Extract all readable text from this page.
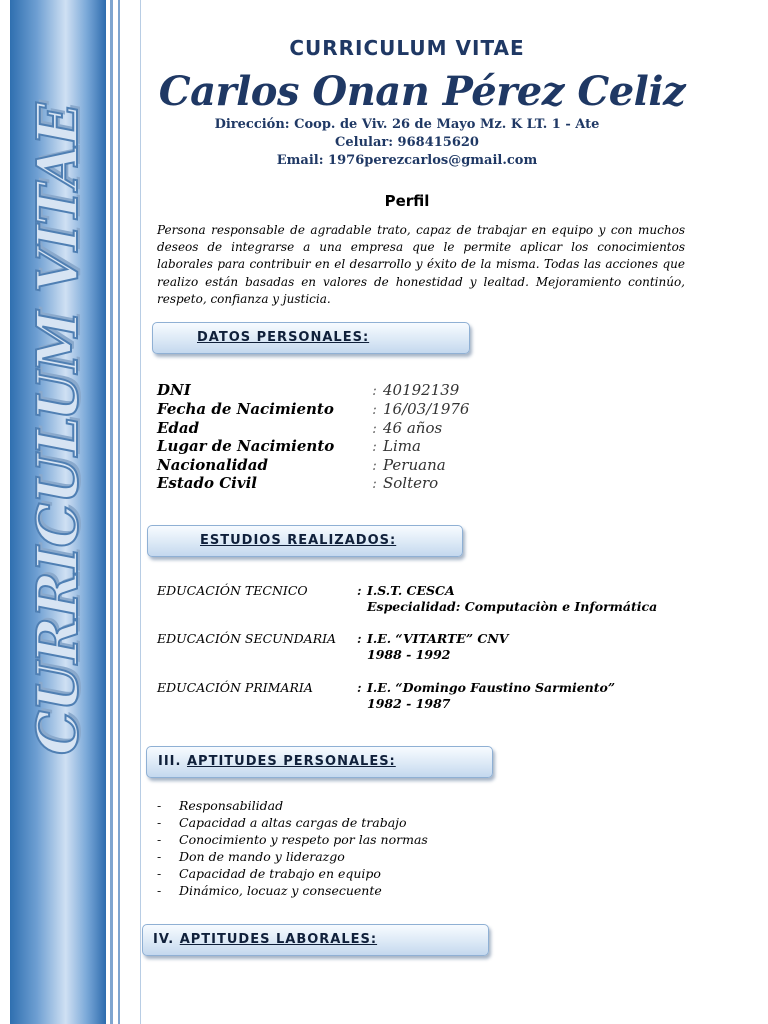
CURRICULUM VITAE
CURRICULUM VITAE
Carlos Onan Pérez Celiz
Dirección: Coop. de Viv. 26 de Mayo Mz. K LT. 1 - Ate
Celular: 968415620
Email: 1976perezcarlos@gmail.com
Perfil
Persona responsable de agradable trato, capaz de trabajar en equipo y con muchos deseos de integrarse a una empresa que le permite aplicar los conocimientos laborales para contribuir en el desarrollo y éxito de la misma. Todas las acciones que realizo están basadas en valores de honestidad y lealtad. Mejoramiento continúo, respeto, confianza y justicia.
DATOS PERSONALES:
DNI	: 40192139
Fecha de Nacimiento	: 16/03/1976
Edad	: 46 años
Lugar de Nacimiento	: Lima
Nacionalidad	: Peruana
Estado Civil	: Soltero
ESTUDIOS REALIZADOS:
EDUCACIÓN TECNICO	: I.S.T. CESCA
Especialidad: Computaciòn e Informática
EDUCACIÓN SECUNDARIA : I.E. “VITARTE” CNV
1988 - 1992
EDUCACIÓN PRIMARIA	: I.E. “Domingo Faustino Sarmiento”
1982 - 1987
III. APTITUDES PERSONALES:
- Responsabilidad
- Capacidad a altas cargas de trabajo
- Conocimiento y respeto por las normas
- Don de mando y liderazgo
- Capacidad de trabajo en equipo
- Dinámico, locuaz y consecuente
IV. APTITUDES LABORALES:
